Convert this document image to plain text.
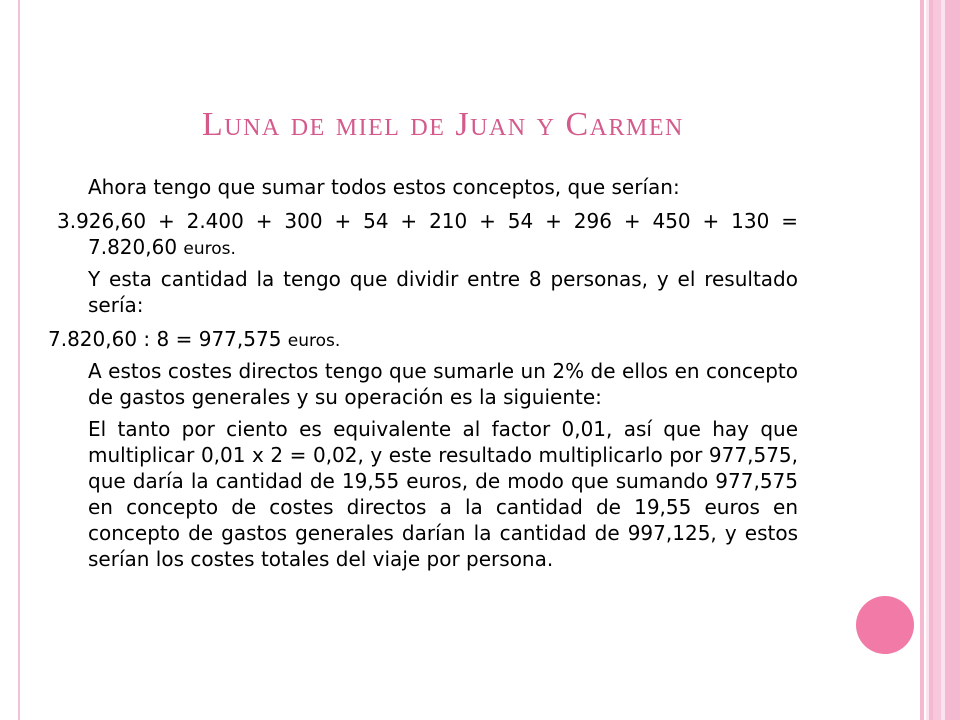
Luna de miel de Juan y Carmen

Ahora tengo que sumar todos estos conceptos, que serían:

3.926,60 + 2.400 + 300 + 54 + 210 + 54 + 296 + 450 + 130 =
7.820,60 euros.

Y esta cantidad la tengo que dividir entre 8 personas, y el resultado sería:

7.820,60 : 8 = 977,575 euros.

A estos costes directos tengo que sumarle un 2% de ellos en concepto de gastos generales y su operación es la siguiente:

El tanto por ciento es equivalente al factor 0,01, así que hay que multiplicar 0,01 x 2 = 0,02, y este resultado multiplicarlo por 977,575, que daría la cantidad de 19,55 euros, de modo que sumando 977,575 en concepto de costes directos a la cantidad de 19,55 euros en concepto de gastos generales darían la cantidad de 997,125, y estos serían los costes totales del viaje por persona.
